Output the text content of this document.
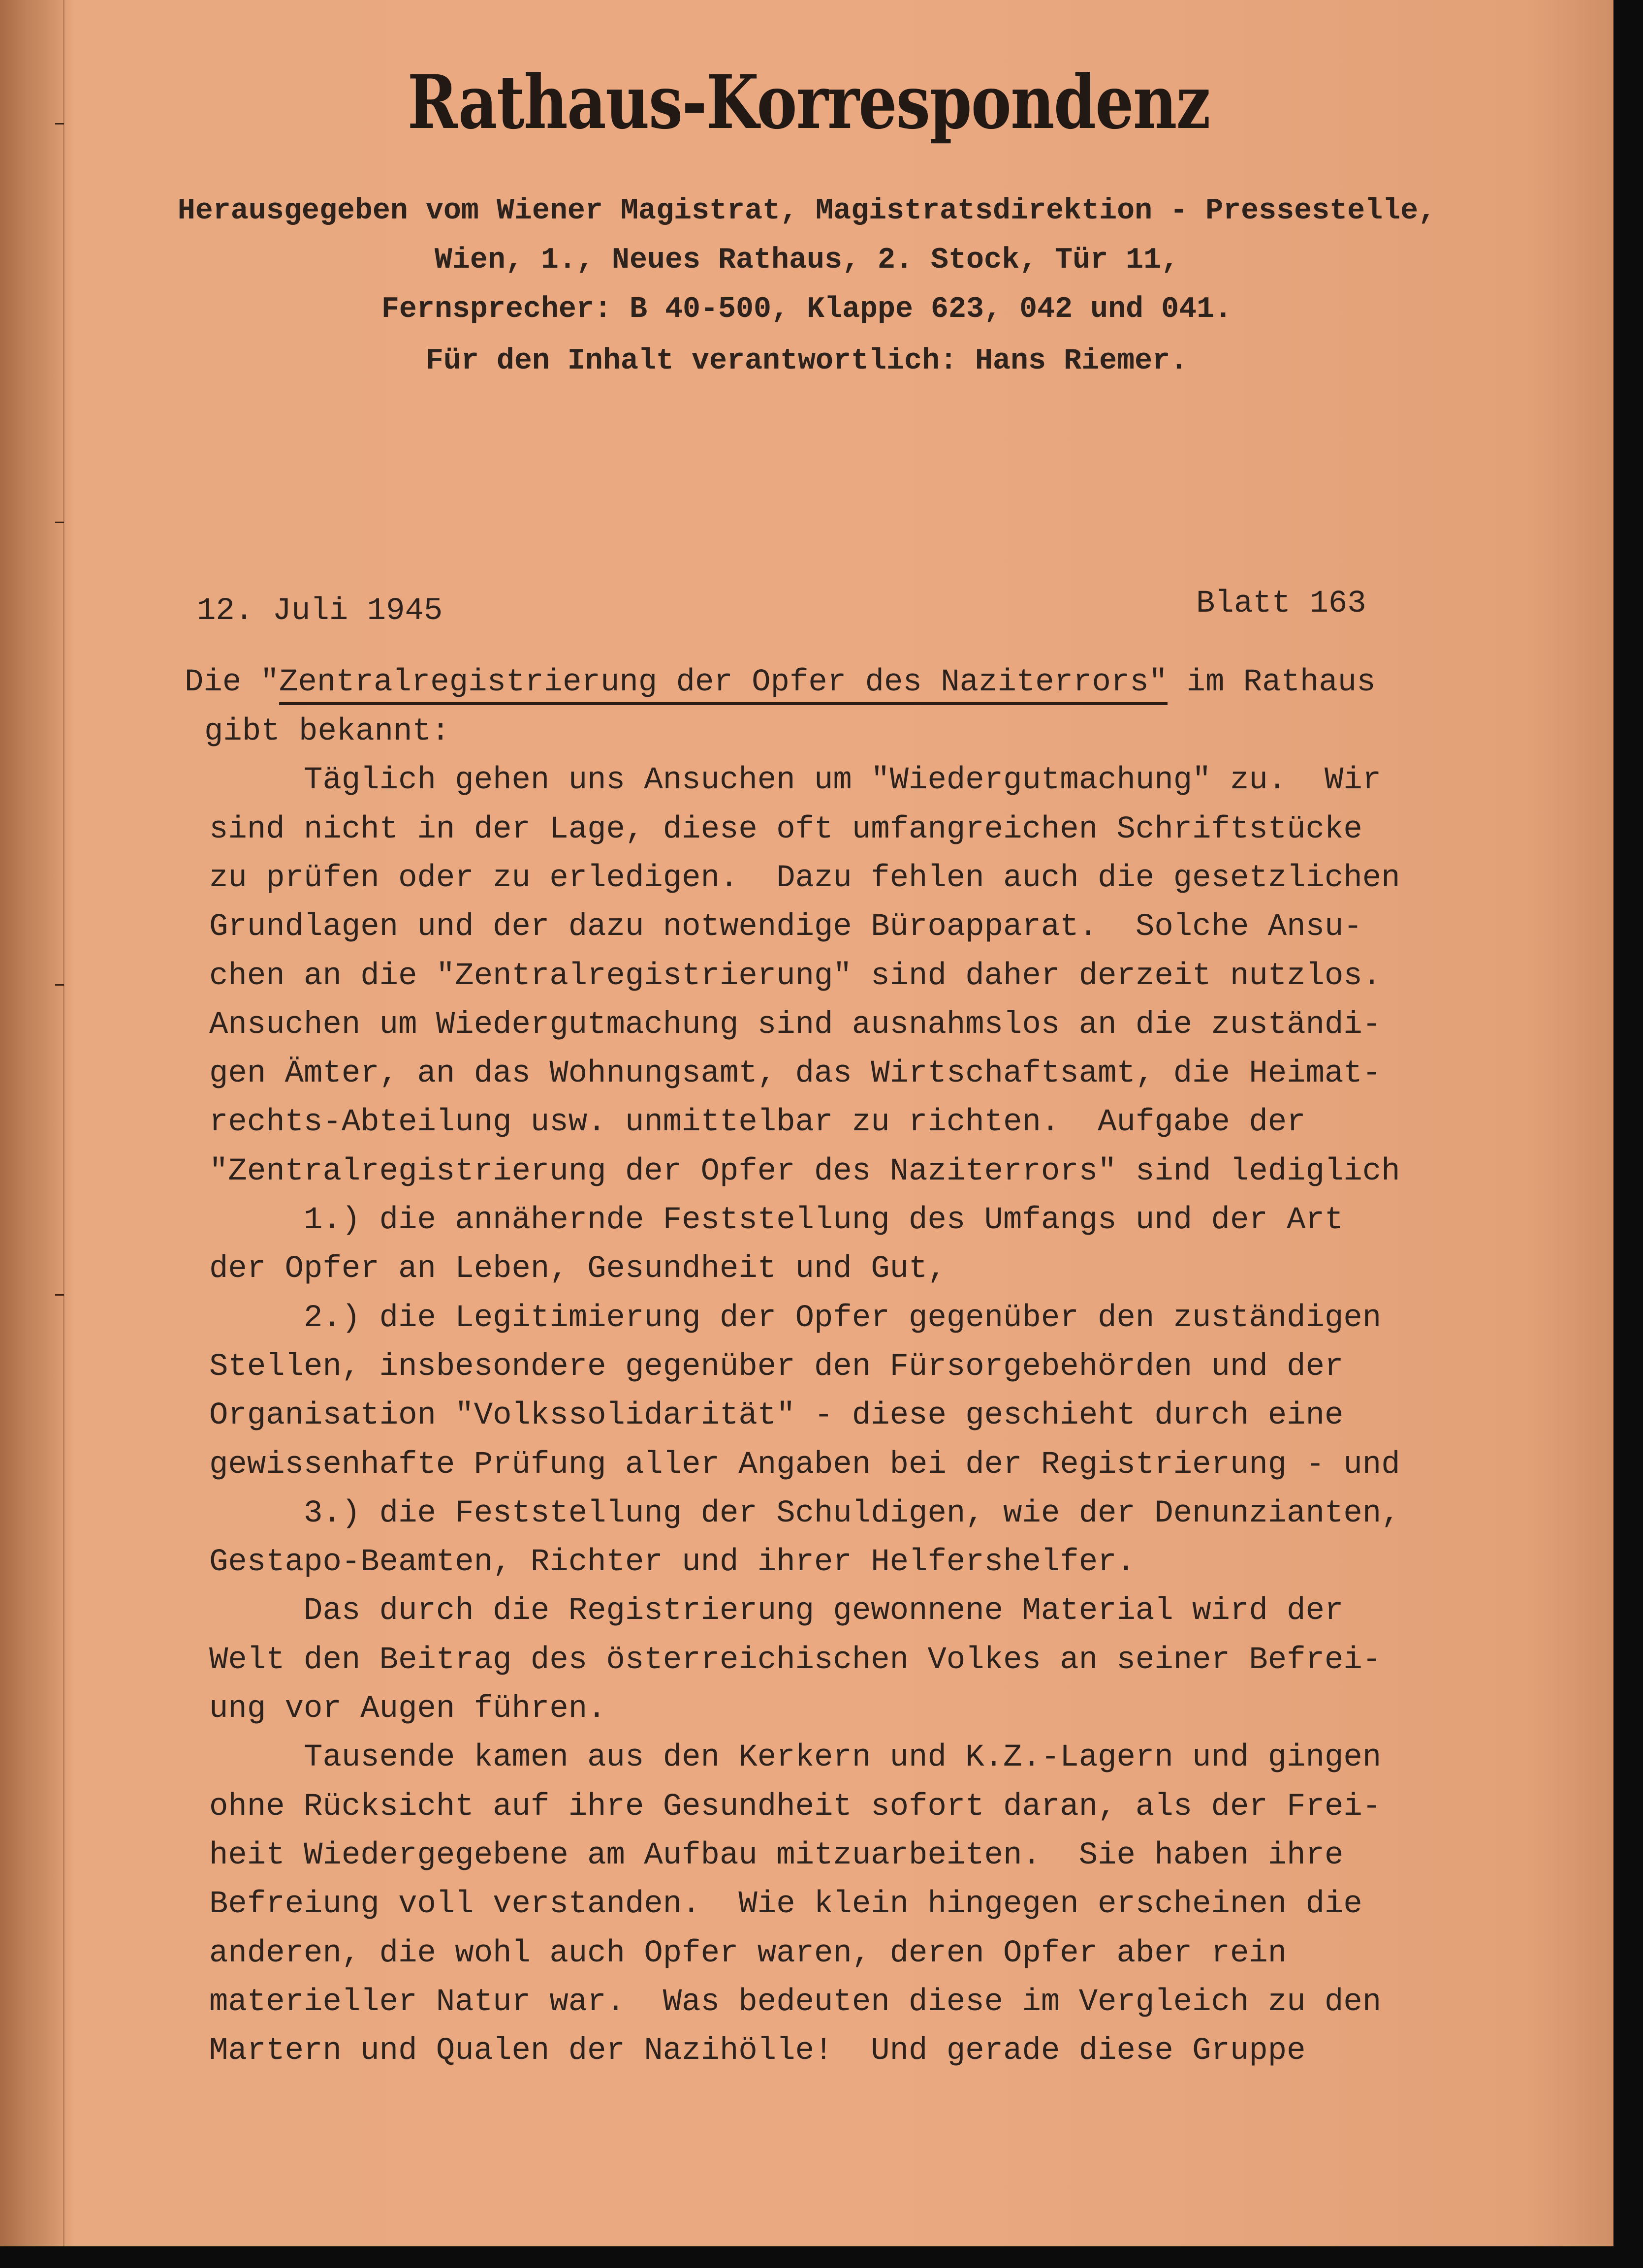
Rathaus-Korrespondenz
Herausgegeben vom Wiener Magistrat, Magistratsdirektion - Pressestelle,
Wien, 1., Neues Rathaus, 2. Stock, Tür 11,
Fernsprecher: B 40-500, Klappe 623, 042 und 041.
Für den Inhalt verantwortlich: Hans Riemer.
12. Juli 1945	Blatt 163
Die "Zentralregistrierung der Opfer des Naziterrors" im Rathaus
gibt bekannt:
Täglich gehen uns Ansuchen um "Wiedergutmachung" zu.  Wir
sind nicht in der Lage, diese oft umfangreichen Schriftstücke
zu prüfen oder zu erledigen.  Dazu fehlen auch die gesetzlichen
Grundlagen und der dazu notwendige Büroapparat.  Solche Ansu-
chen an die "Zentralregistrierung" sind daher derzeit nutzlos.
Ansuchen um Wiedergutmachung sind ausnahmslos an die zuständi-
gen Ämter, an das Wohnungsamt, das Wirtschaftsamt, die Heimat-
rechts-Abteilung usw. unmittelbar zu richten.  Aufgabe der
"Zentralregistrierung der Opfer des Naziterrors" sind lediglich
1.) die annähernde Feststellung des Umfangs und der Art
der Opfer an Leben, Gesundheit und Gut,
2.) die Legitimierung der Opfer gegenüber den zuständigen
Stellen, insbesondere gegenüber den Fürsorgebehörden und der
Organisation "Volkssolidarität" - diese geschieht durch eine
gewissenhafte Prüfung aller Angaben bei der Registrierung - und
3.) die Feststellung der Schuldigen, wie der Denunzianten,
Gestapo-Beamten, Richter und ihrer Helfershelfer.
Das durch die Registrierung gewonnene Material wird der
Welt den Beitrag des österreichischen Volkes an seiner Befrei-
ung vor Augen führen.
Tausende kamen aus den Kerkern und K.Z.-Lagern und gingen
ohne Rücksicht auf ihre Gesundheit sofort daran, als der Frei-
heit Wiedergegebene am Aufbau mitzuarbeiten.  Sie haben ihre
Befreiung voll verstanden.  Wie klein hingegen erscheinen die
anderen, die wohl auch Opfer waren, deren Opfer aber rein
materieller Natur war.  Was bedeuten diese im Vergleich zu den
Martern und Qualen der Nazihölle!  Und gerade diese Gruppe
